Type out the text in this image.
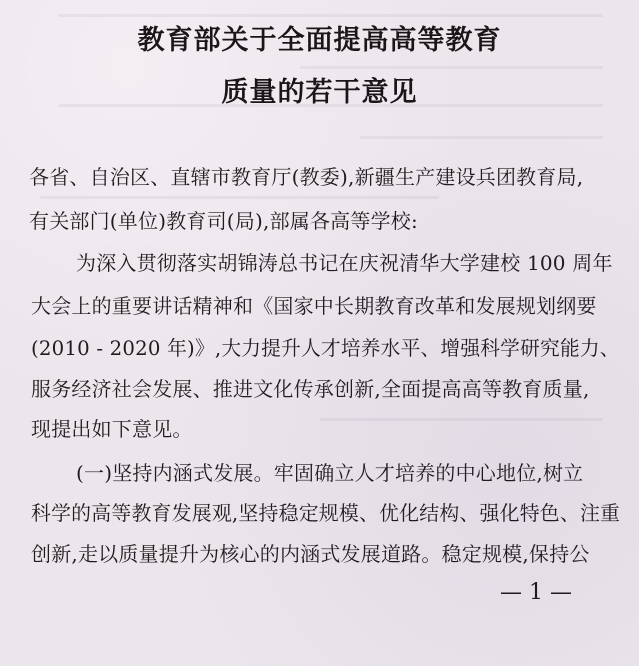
教育部关于全面提高高等教育
质量的若干意见
各省、自治区、直辖市教育厅(教委),新疆生产建设兵团教育局,
有关部门(单位)教育司(局),部属各高等学校:
为深入贯彻落实胡锦涛总书记在庆祝清华大学建校 100 周年
大会上的重要讲话精神和《国家中长期教育改革和发展规划纲要
(2010 - 2020 年)》,大力提升人才培养水平、增强科学研究能力、
服务经济社会发展、推进文化传承创新,全面提高高等教育质量,
现提出如下意见。
(一)坚持内涵式发展。牢固确立人才培养的中心地位,树立
科学的高等教育发展观,坚持稳定规模、优化结构、强化特色、注重
创新,走以质量提升为核心的内涵式发展道路。稳定规模,保持公
— 1 —
